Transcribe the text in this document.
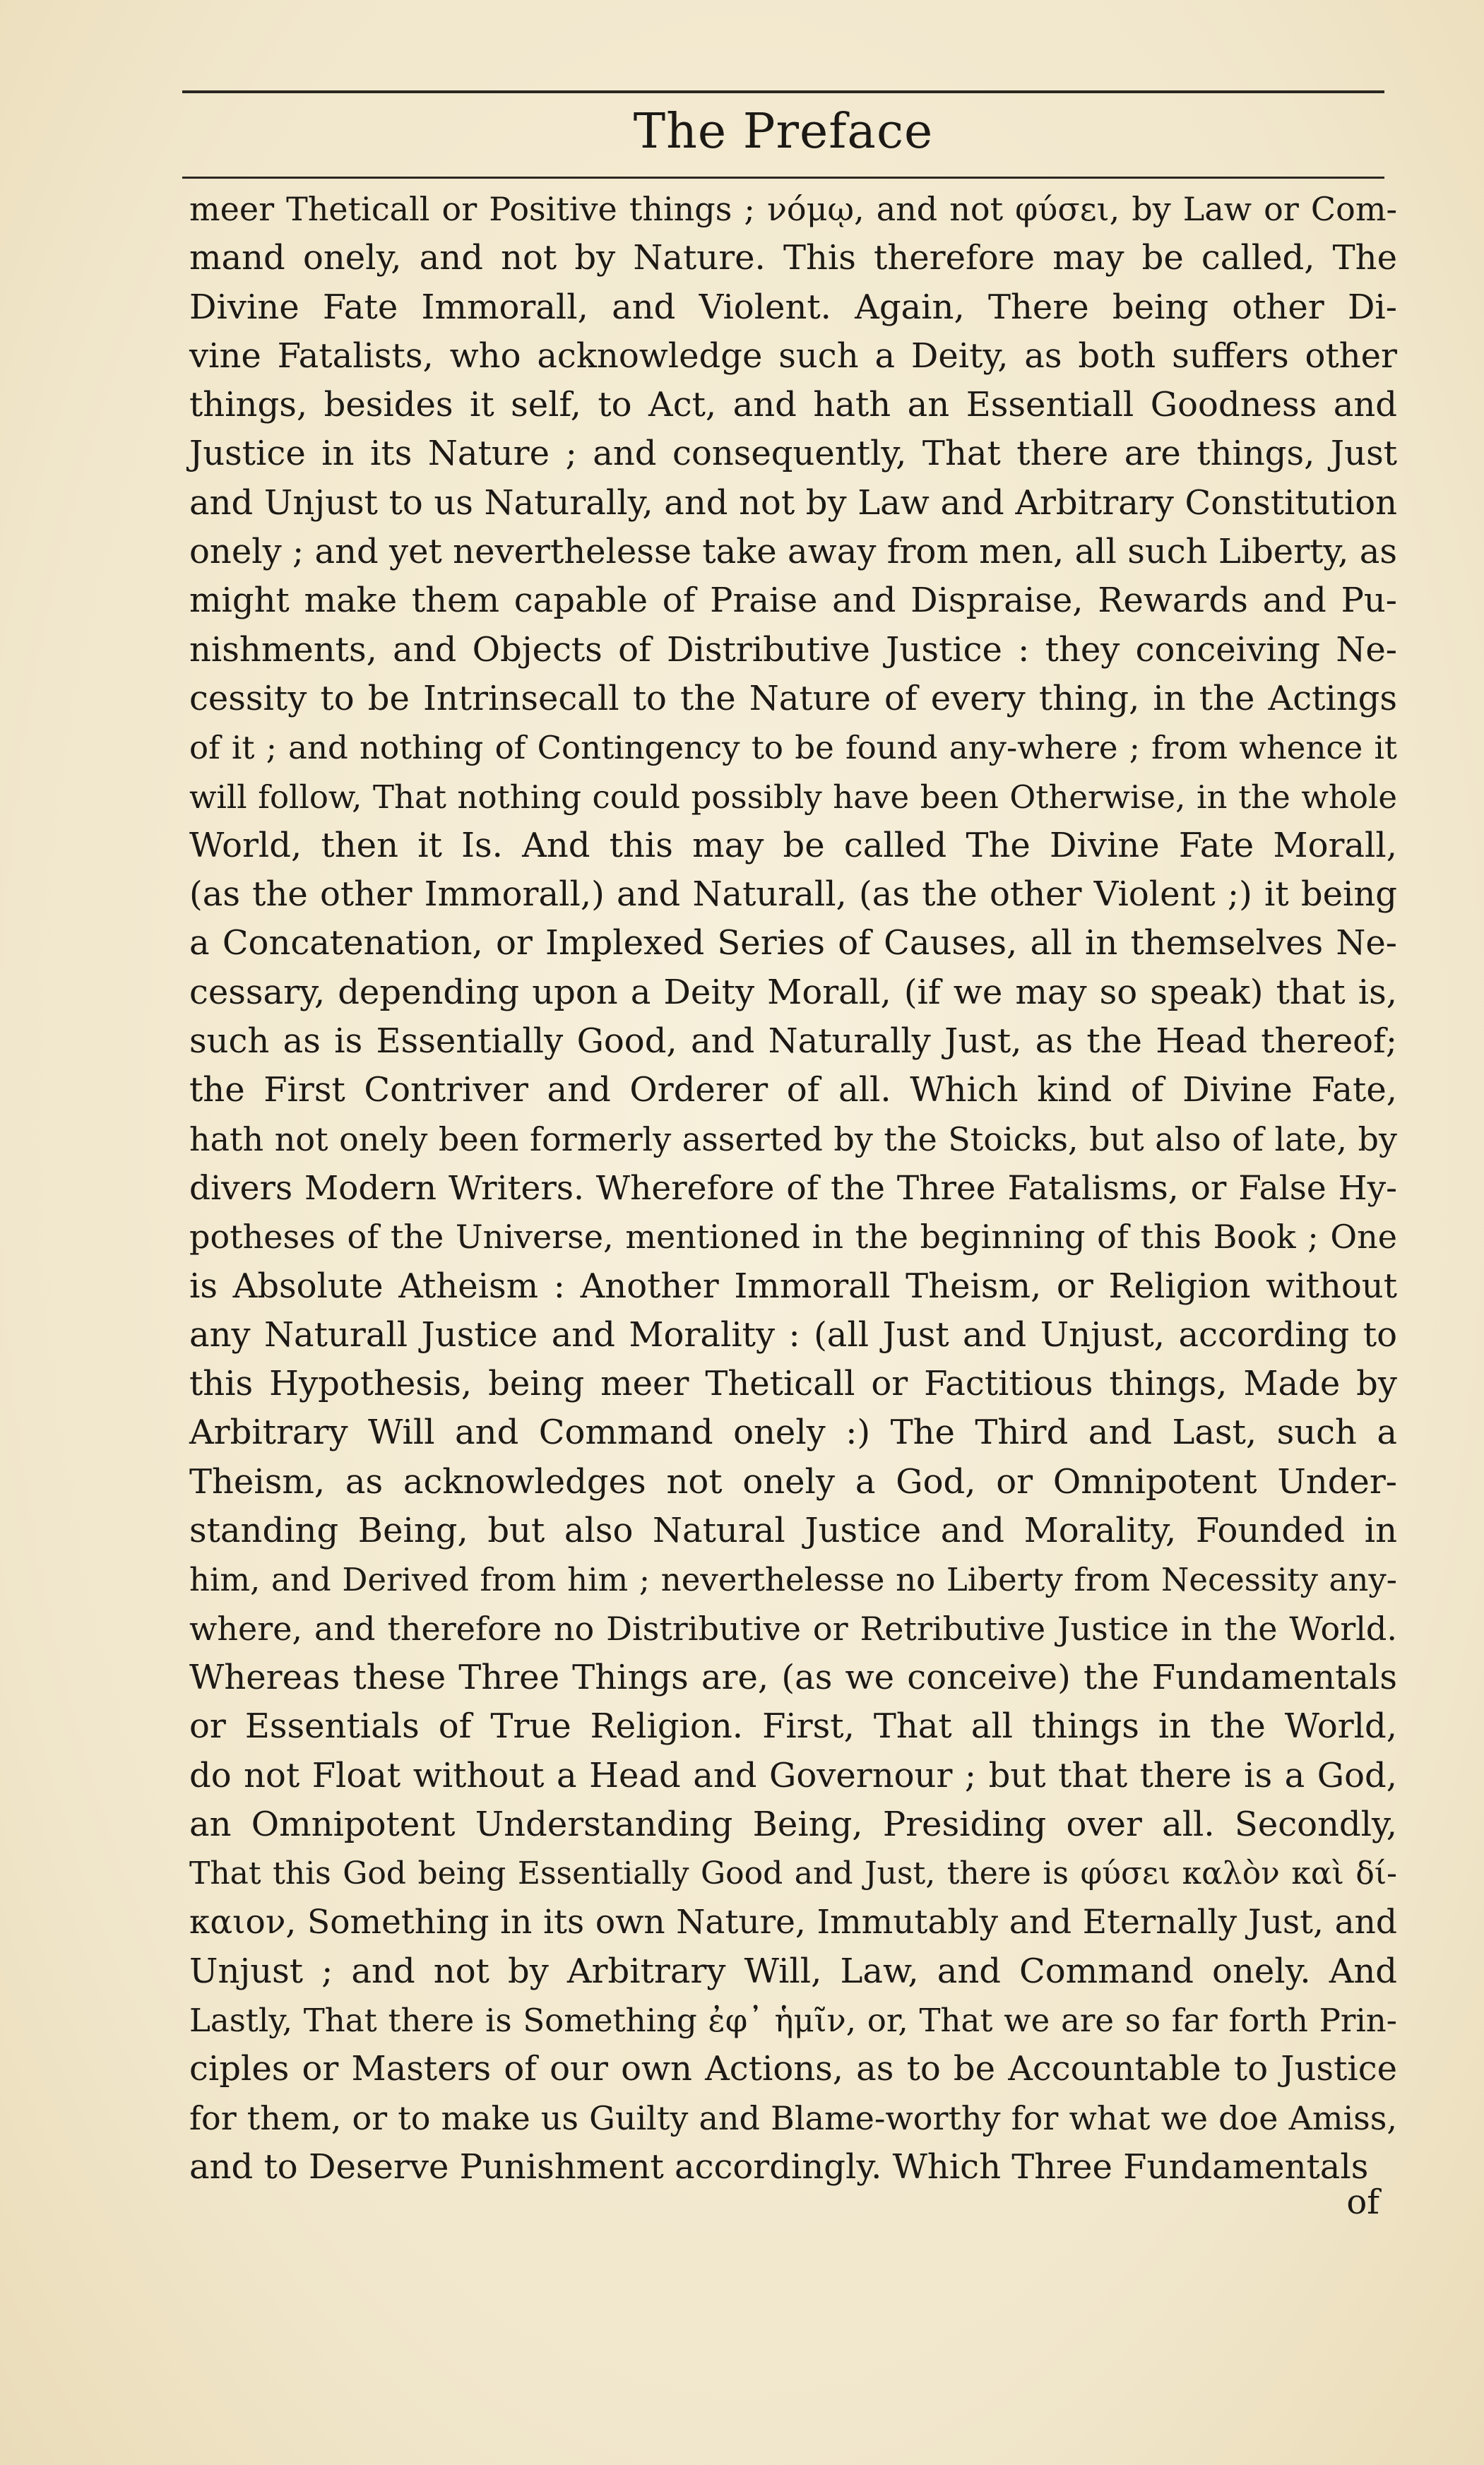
The Preface
meer Theticall or Positive things ; νόμῳ, and not φύσει, by Law or Com-
mand onely, and not by Nature. This therefore may be called, The
Divine Fate Immorall, and Violent. Again, There being other Di-
vine Fatalists, who acknowledge such a Deity, as both suffers other
things, besides it self, to Act, and hath an Essentiall Goodness and
Justice in its Nature ; and consequently, That there are things, Just
and Unjust to us Naturally, and not by Law and Arbitrary Constitution
onely ; and yet neverthelesse take away from men, all such Liberty, as
might make them capable of Praise and Dispraise, Rewards and Pu-
nishments, and Objects of Distributive Justice : they conceiving Ne-
cessity to be Intrinsecall to the Nature of every thing, in the Actings
of it ; and nothing of Contingency to be found any-where ; from whence it
will follow, That nothing could possibly have been Otherwise, in the whole
World, then it Is. And this may be called The Divine Fate Morall,
(as the other Immorall,) and Naturall, (as the other Violent ;) it being
a Concatenation, or Implexed Series of Causes, all in themselves Ne-
cessary, depending upon a Deity Morall, (if we may so speak) that is,
such as is Essentially Good, and Naturally Just, as the Head thereof;
the First Contriver and Orderer of all. Which kind of Divine Fate,
hath not onely been formerly asserted by the Stoicks, but also of late, by
divers Modern Writers. Wherefore of the Three Fatalisms, or False Hy-
potheses of the Universe, mentioned in the beginning of this Book ; One
is Absolute Atheism : Another Immorall Theism, or Religion without
any Naturall Justice and Morality : (all Just and Unjust, according to
this Hypothesis, being meer Theticall or Factitious things, Made by
Arbitrary Will and Command onely :) The Third and Last, such a
Theism, as acknowledges not onely a God, or Omnipotent Under-
standing Being, but also Natural Justice and Morality, Founded in
him, and Derived from him ; neverthelesse no Liberty from Necessity any-
where, and therefore no Distributive or Retributive Justice in the World.
Whereas these Three Things are, (as we conceive) the Fundamentals
or Essentials of True Religion. First, That all things in the World,
do not Float without a Head and Governour ; but that there is a God,
an Omnipotent Understanding Being, Presiding over all. Secondly,
That this God being Essentially Good and Just, there is φύσει καλὸν καὶ δί-
καιον, Something in its own Nature, Immutably and Eternally Just, and
Unjust ; and not by Arbitrary Will, Law, and Command onely. And
Lastly, That there is Something ἐφ᾽ ἡμῖν, or, That we are so far forth Prin-
ciples or Masters of our own Actions, as to be Accountable to Justice
for them, or to make us Guilty and Blame-worthy for what we doe Amiss,
and to Deserve Punishment accordingly. Which Three Fundamentals
of
